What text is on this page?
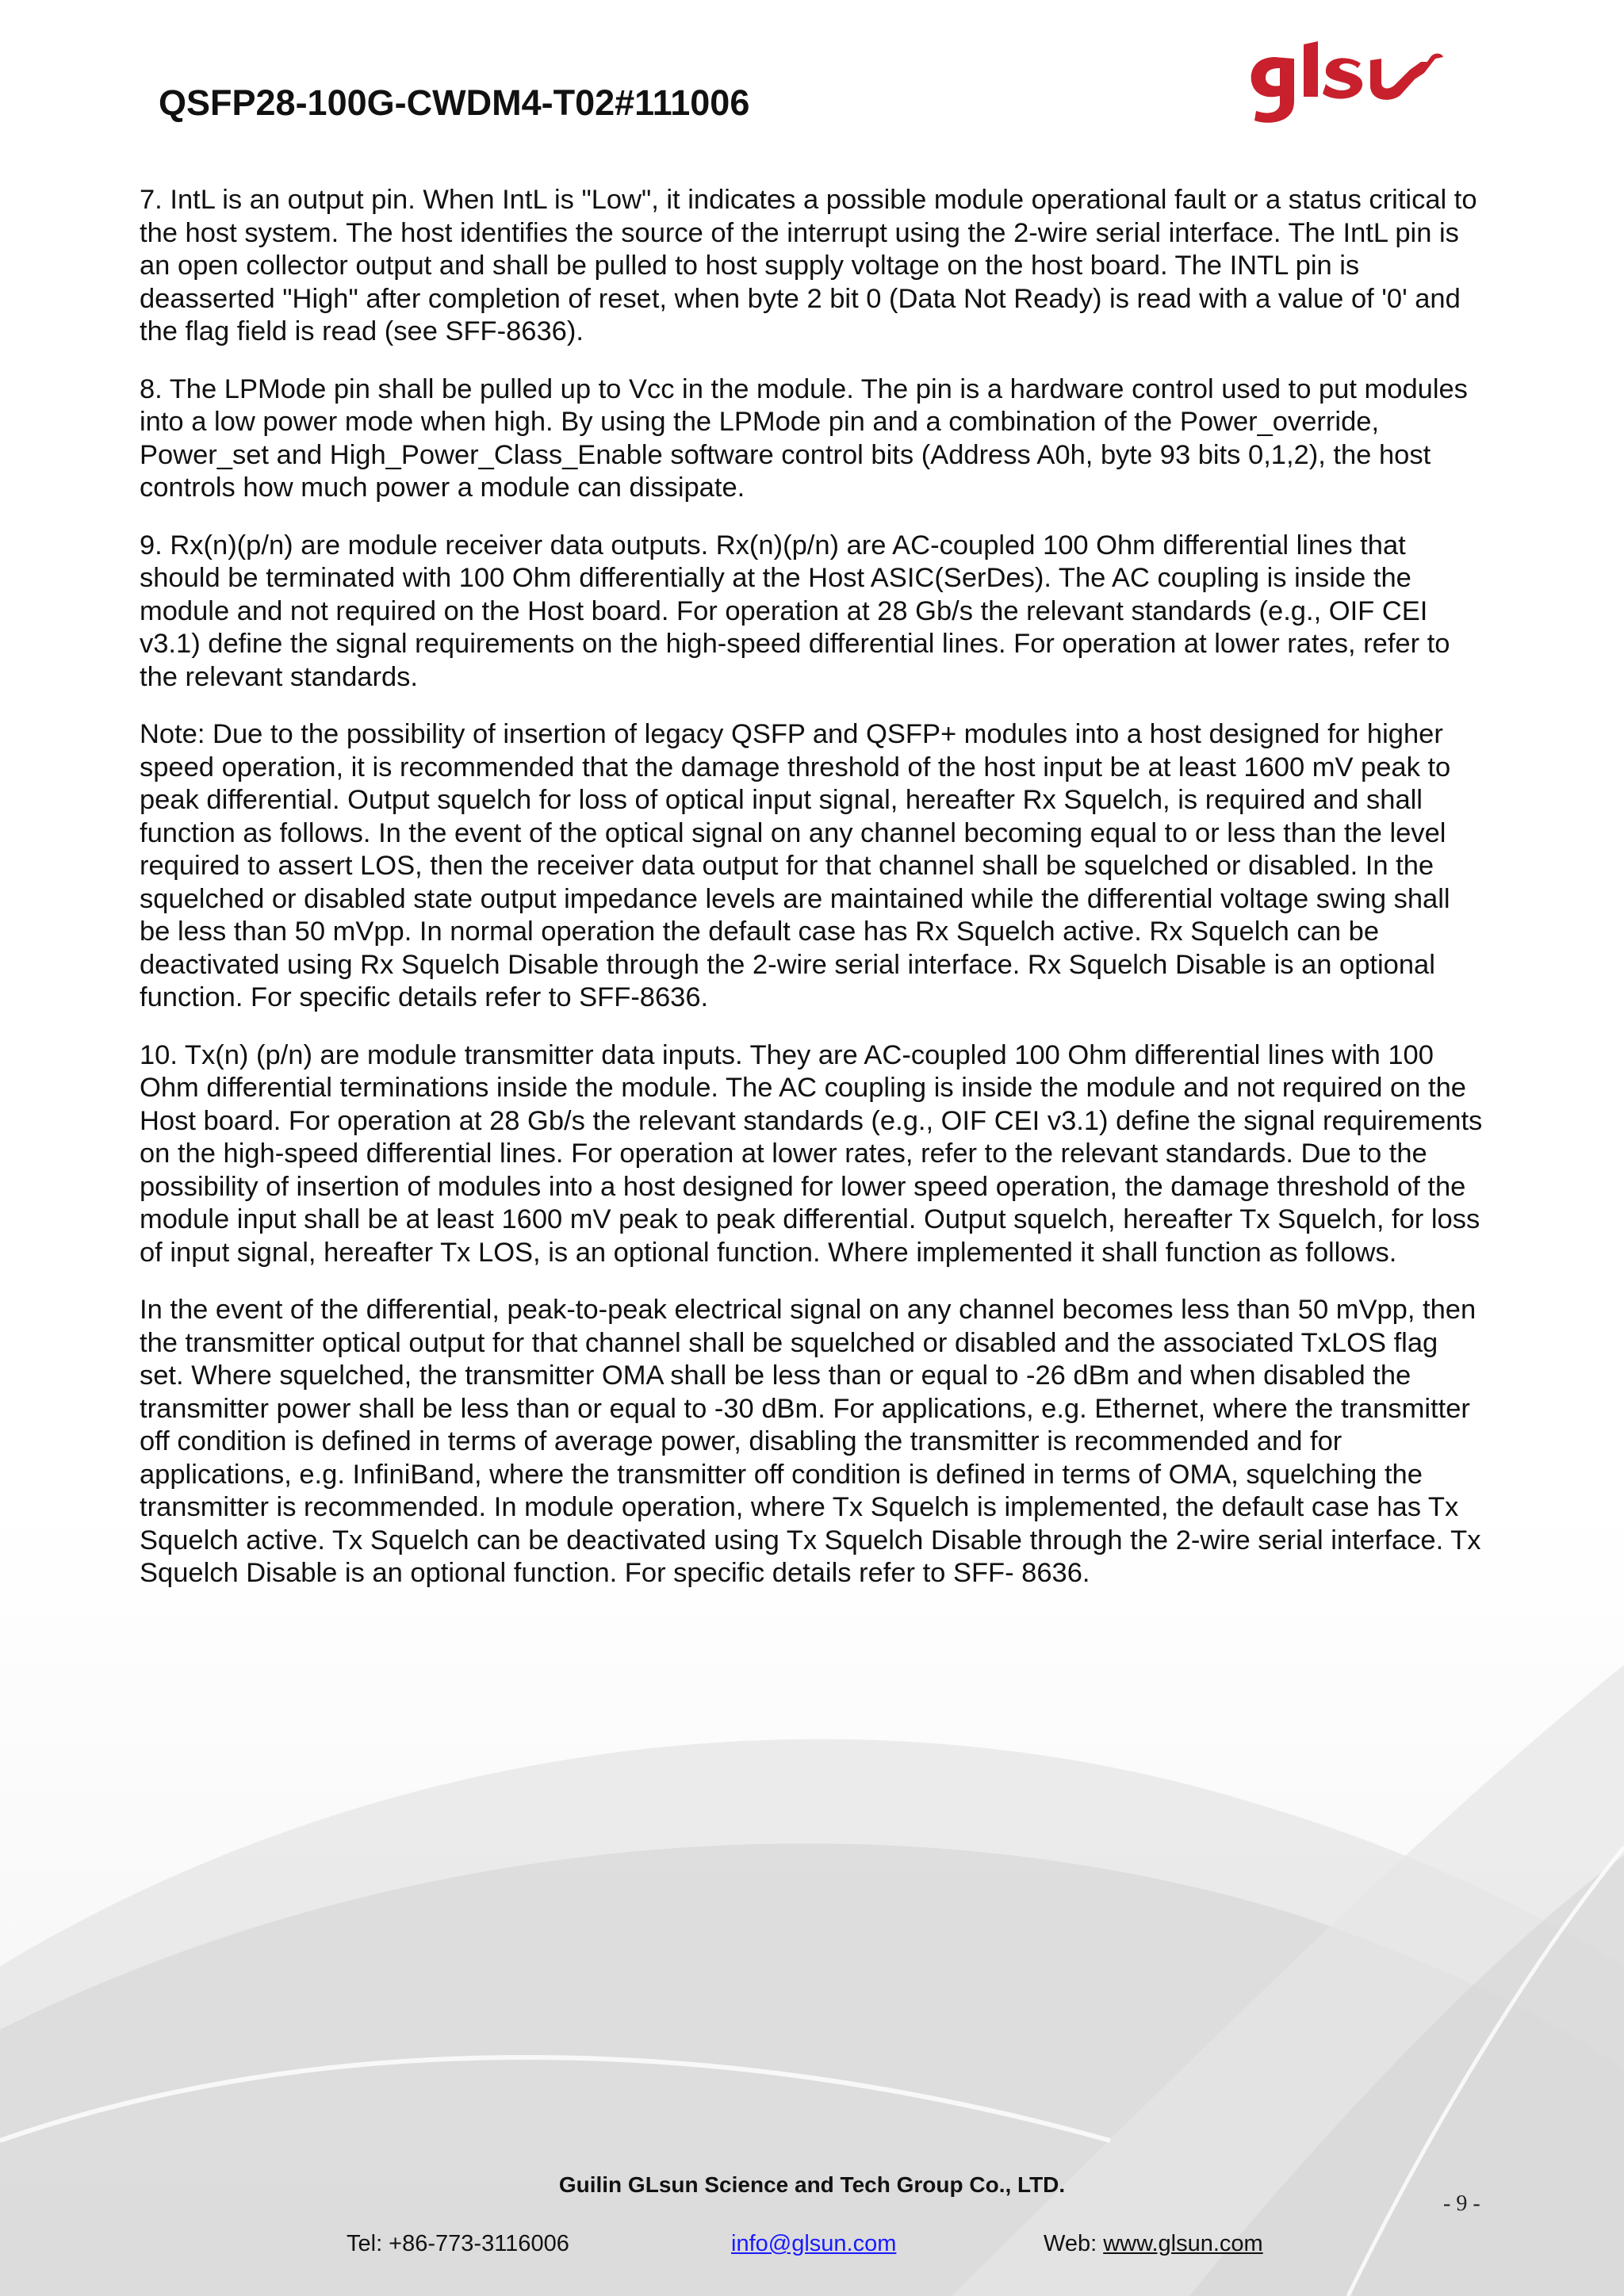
QSFP28-100G-CWDM4-T02#111006

7. IntL is an output pin. When IntL is "Low", it indicates a possible module operational fault or a status critical to the host system. The host identifies the source of the interrupt using the 2-wire serial interface. The IntL pin is an open collector output and shall be pulled to host supply voltage on the host board. The INTL pin is deasserted "High" after completion of reset, when byte 2 bit 0 (Data Not Ready) is read with a value of '0' and the flag field is read (see SFF-8636).

8. The LPMode pin shall be pulled up to Vcc in the module. The pin is a hardware control used to put modules into a low power mode when high. By using the LPMode pin and a combination of the Power_override, Power_set and High_Power_Class_Enable software control bits (Address A0h, byte 93 bits 0,1,2), the host controls how much power a module can dissipate.

9. Rx(n)(p/n) are module receiver data outputs. Rx(n)(p/n) are AC-coupled 100 Ohm differential lines that should be terminated with 100 Ohm differentially at the Host ASIC(SerDes). The AC coupling is inside the module and not required on the Host board. For operation at 28 Gb/s the relevant standards (e.g., OIF CEI v3.1) define the signal requirements on the high-speed differential lines. For operation at lower rates, refer to the relevant standards.

Note: Due to the possibility of insertion of legacy QSFP and QSFP+ modules into a host designed for higher speed operation, it is recommended that the damage threshold of the host input be at least 1600 mV peak to peak differential. Output squelch for loss of optical input signal, hereafter Rx Squelch, is required and shall function as follows. In the event of the optical signal on any channel becoming equal to or less than the level required to assert LOS, then the receiver data output for that channel shall be squelched or disabled. In the squelched or disabled state output impedance levels are maintained while the differential voltage swing shall be less than 50 mVpp. In normal operation the default case has Rx Squelch active. Rx Squelch can be deactivated using Rx Squelch Disable through the 2-wire serial interface. Rx Squelch Disable is an optional function. For specific details refer to SFF-8636.

10. Tx(n) (p/n) are module transmitter data inputs. They are AC-coupled 100 Ohm differential lines with 100 Ohm differential terminations inside the module. The AC coupling is inside the module and not required on the Host board. For operation at 28 Gb/s the relevant standards (e.g., OIF CEI v3.1) define the signal requirements on the high-speed differential lines. For operation at lower rates, refer to the relevant standards. Due to the possibility of insertion of modules into a host designed for lower speed operation, the damage threshold of the module input shall be at least 1600 mV peak to peak differential. Output squelch, hereafter Tx Squelch, for loss of input signal, hereafter Tx LOS, is an optional function. Where implemented it shall function as follows.

In the event of the differential, peak-to-peak electrical signal on any channel becomes less than 50 mVpp, then the transmitter optical output for that channel shall be squelched or disabled and the associated TxLOS flag set. Where squelched, the transmitter OMA shall be less than or equal to -26 dBm and when disabled the transmitter power shall be less than or equal to -30 dBm. For applications, e.g. Ethernet, where the transmitter off condition is defined in terms of average power, disabling the transmitter is recommended and for applications, e.g. InfiniBand, where the transmitter off condition is defined in terms of OMA, squelching the transmitter is recommended. In module operation, where Tx Squelch is implemented, the default case has Tx Squelch active. Tx Squelch can be deactivated using Tx Squelch Disable through the 2-wire serial interface. Tx Squelch Disable is an optional function. For specific details refer to SFF- 8636.

Guilin GLsun Science and Tech Group Co., LTD.
- 9 -
Tel: +86-773-3116006	info@glsun.com	Web: www.glsun.com
